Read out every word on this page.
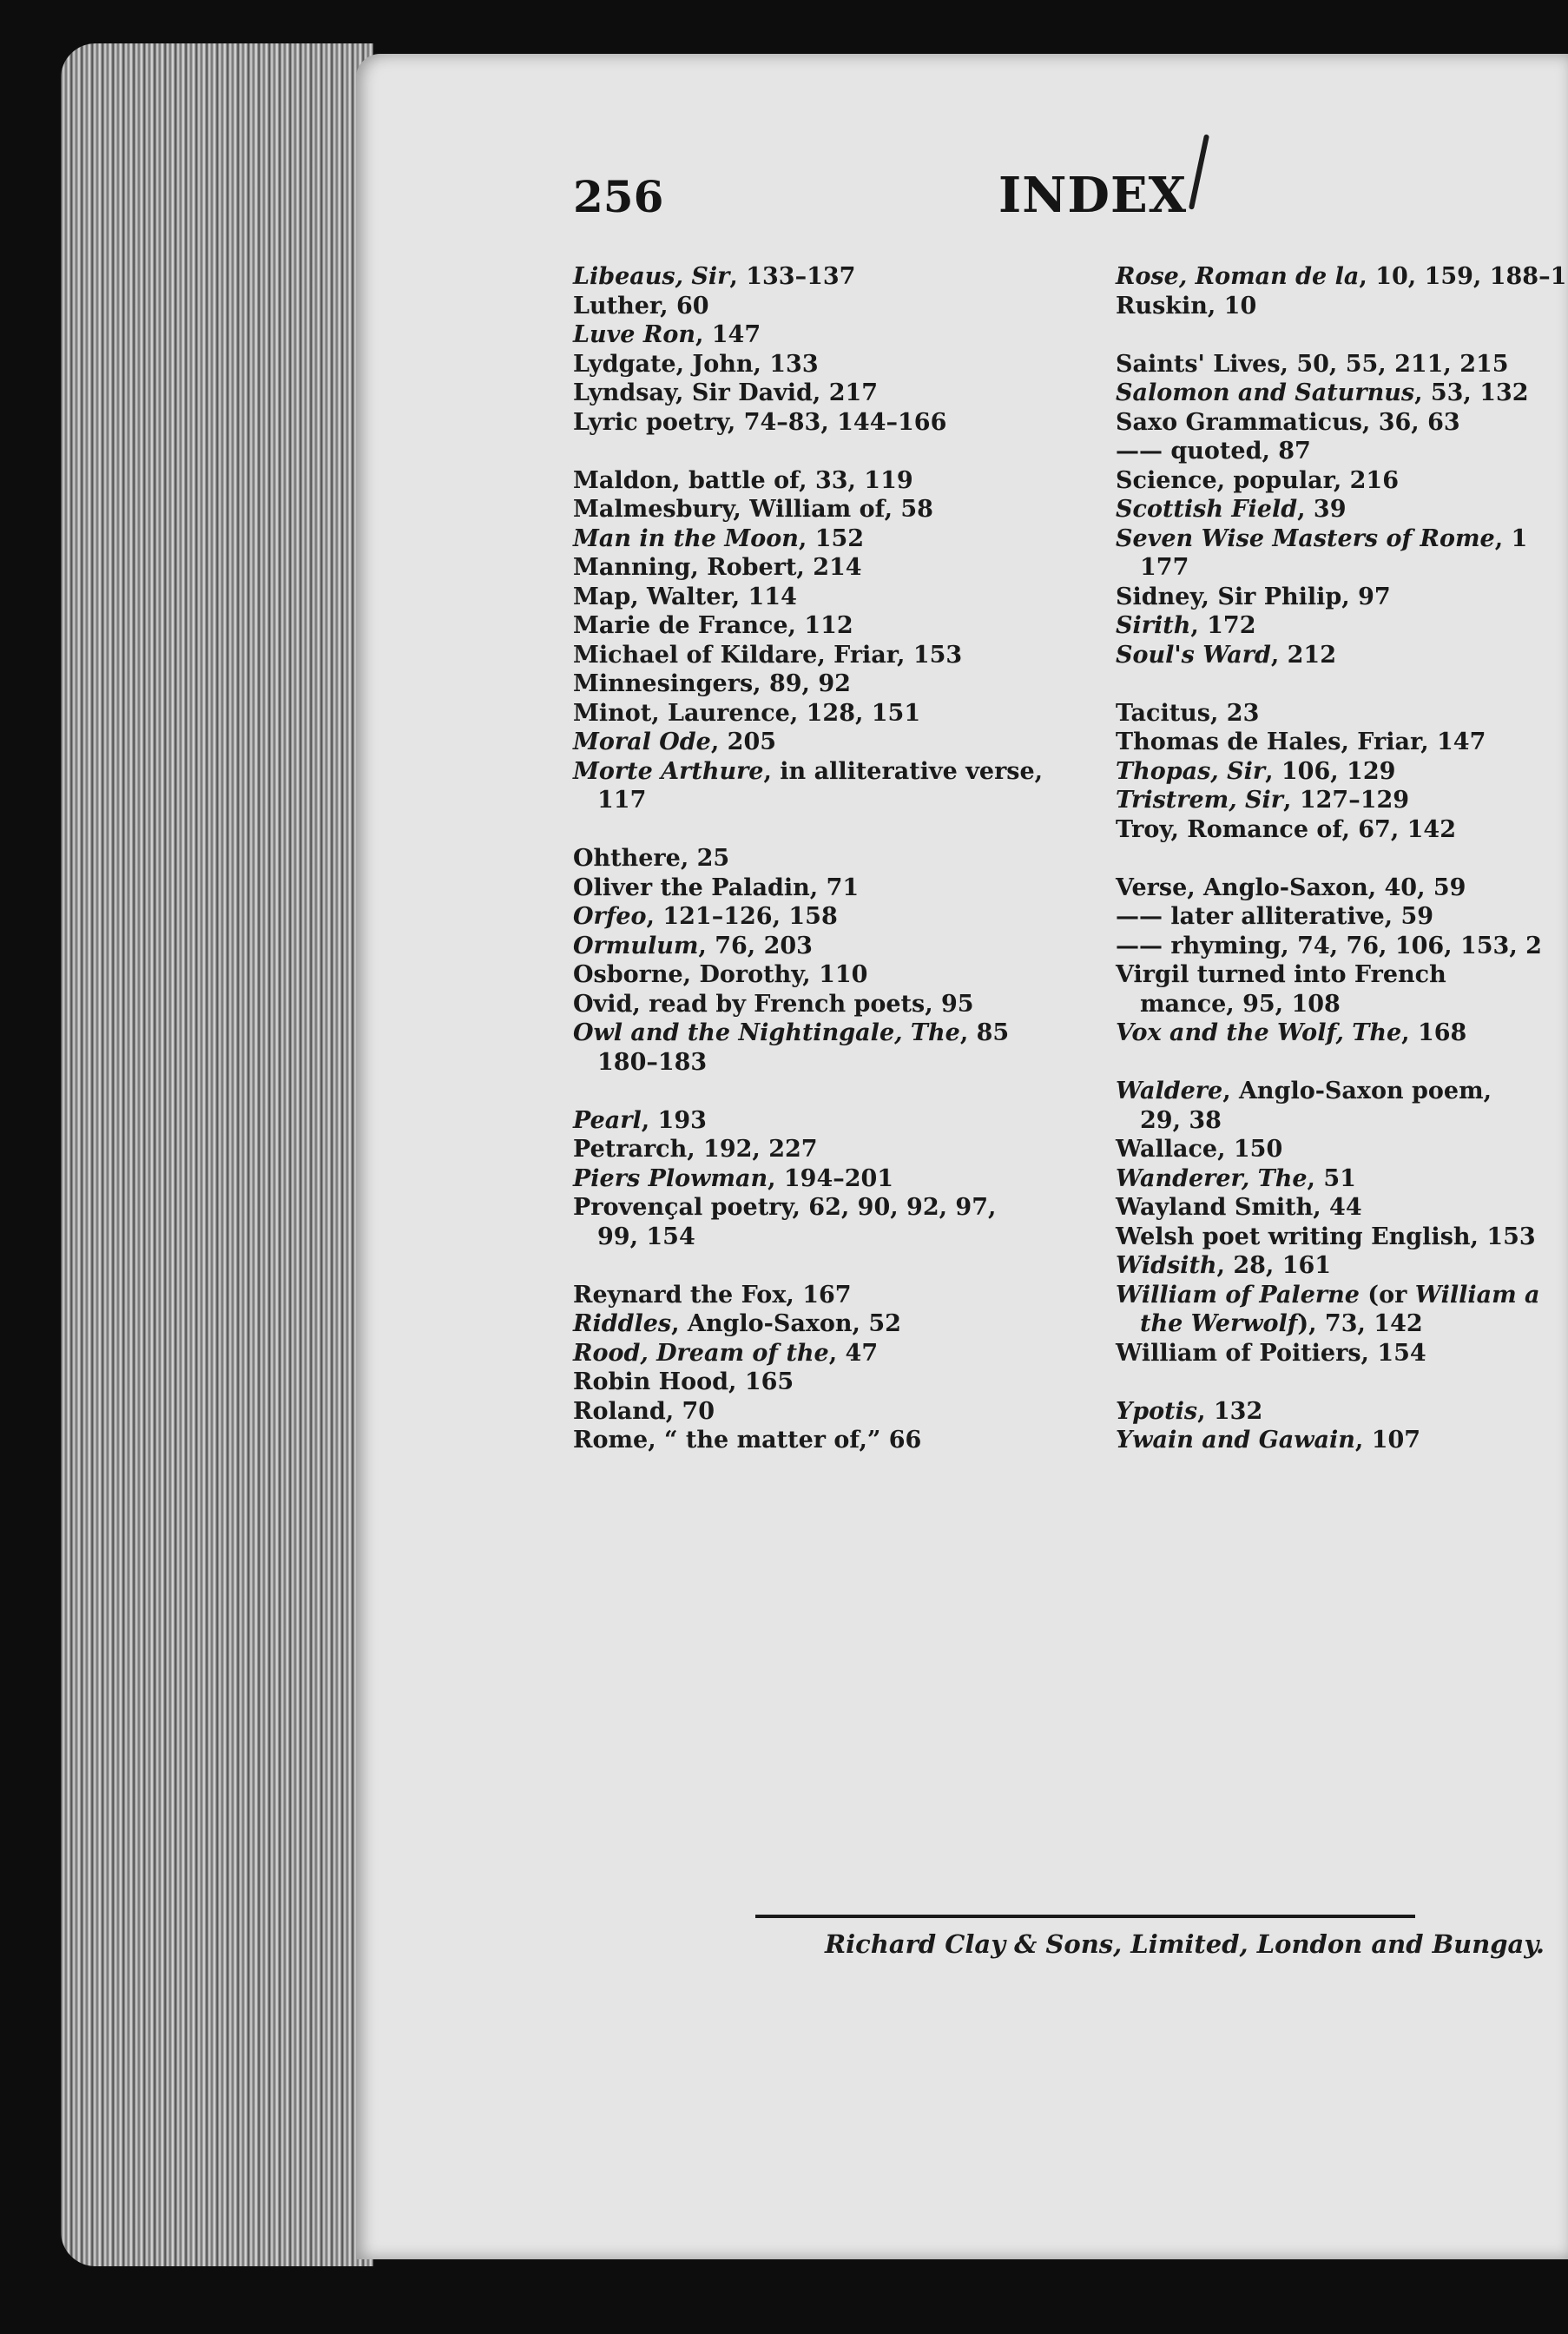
256	INDEX
Libeaus, Sir, 133–137
Luther, 60
Luve Ron, 147
Lydgate, John, 133
Lyndsay, Sir David, 217
Lyric poetry, 74–83, 144–166
Maldon, battle of, 33, 119
Malmesbury, William of, 58
Man in the Moon, 152
Manning, Robert, 214
Map, Walter, 114
Marie de France, 112
Michael of Kildare, Friar, 153
Minnesingers, 89, 92
Minot, Laurence, 128, 151
Moral Ode, 205
Morte Arthure, in alliterative verse,
117
Ohthere, 25
Oliver the Paladin, 71
Orfeo, 121–126, 158
Ormulum, 76, 203
Osborne, Dorothy, 110
Ovid, read by French poets, 95
Owl and the Nightingale, The, 85
180–183
Pearl, 193
Petrarch, 192, 227
Piers Plowman, 194–201
Provençal poetry, 62, 90, 92, 97,
99, 154
Reynard the Fox, 167
Riddles, Anglo-Saxon, 52
Rood, Dream of the, 47
Robin Hood, 165
Roland, 70
Rome, “ the matter of,” 66
Rose, Roman de la, 10, 159, 188–1
Ruskin, 10
Saints' Lives, 50, 55, 211, 215
Salomon and Saturnus, 53, 132
Saxo Grammaticus, 36, 63
—— quoted, 87
Science, popular, 216
Scottish Field, 39
Seven Wise Masters of Rome, 1
177
Sidney, Sir Philip, 97
Sirith, 172
Soul's Ward, 212
Tacitus, 23
Thomas de Hales, Friar, 147
Thopas, Sir, 106, 129
Tristrem, Sir, 127–129
Troy, Romance of, 67, 142
Verse, Anglo-Saxon, 40, 59
—— later alliterative, 59
—— rhyming, 74, 76, 106, 153, 2
Virgil turned into French
mance, 95, 108
Vox and the Wolf, The, 168
Waldere, Anglo-Saxon poem,
29, 38
Wallace, 150
Wanderer, The, 51
Wayland Smith, 44
Welsh poet writing English, 153
Widsith, 28, 161
William of Palerne (or William a
the Werwolf), 73, 142
William of Poitiers, 154
Ypotis, 132
Ywain and Gawain, 107
Richard Clay & Sons, Limited, London and Bungay.
